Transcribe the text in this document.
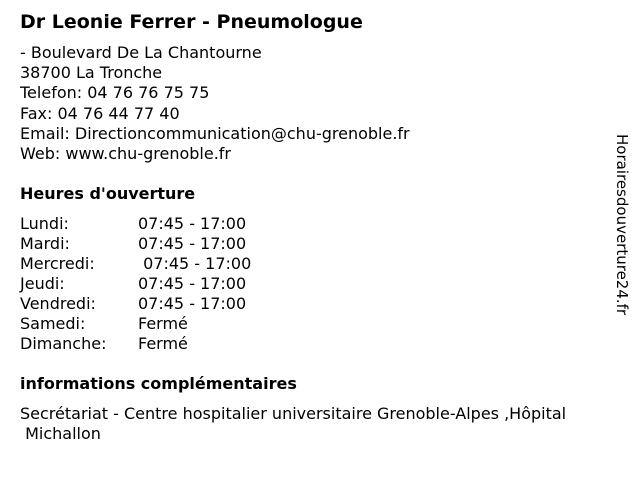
Dr Leonie Ferrer - Pneumologue
- Boulevard De La Chantourne
38700 La Tronche
Telefon: 04 76 76 75 75
Fax: 04 76 44 77 40
Email: Directioncommunication@chu-grenoble.fr
Web: www.chu-grenoble.fr
Heures d'ouverture
Lundi:	07:45 - 17:00
Mardi:	07:45 - 17:00
Mercredi:	07:45 - 17:00
Jeudi:	07:45 - 17:00
Vendredi:	07:45 - 17:00
Samedi:	Fermé
Dimanche: Fermé
informations complémentaires
Secrétariat - Centre hospitalier universitaire Grenoble-Alpes ,Hôpital
Michallon
Horairesdouverture24.fr
